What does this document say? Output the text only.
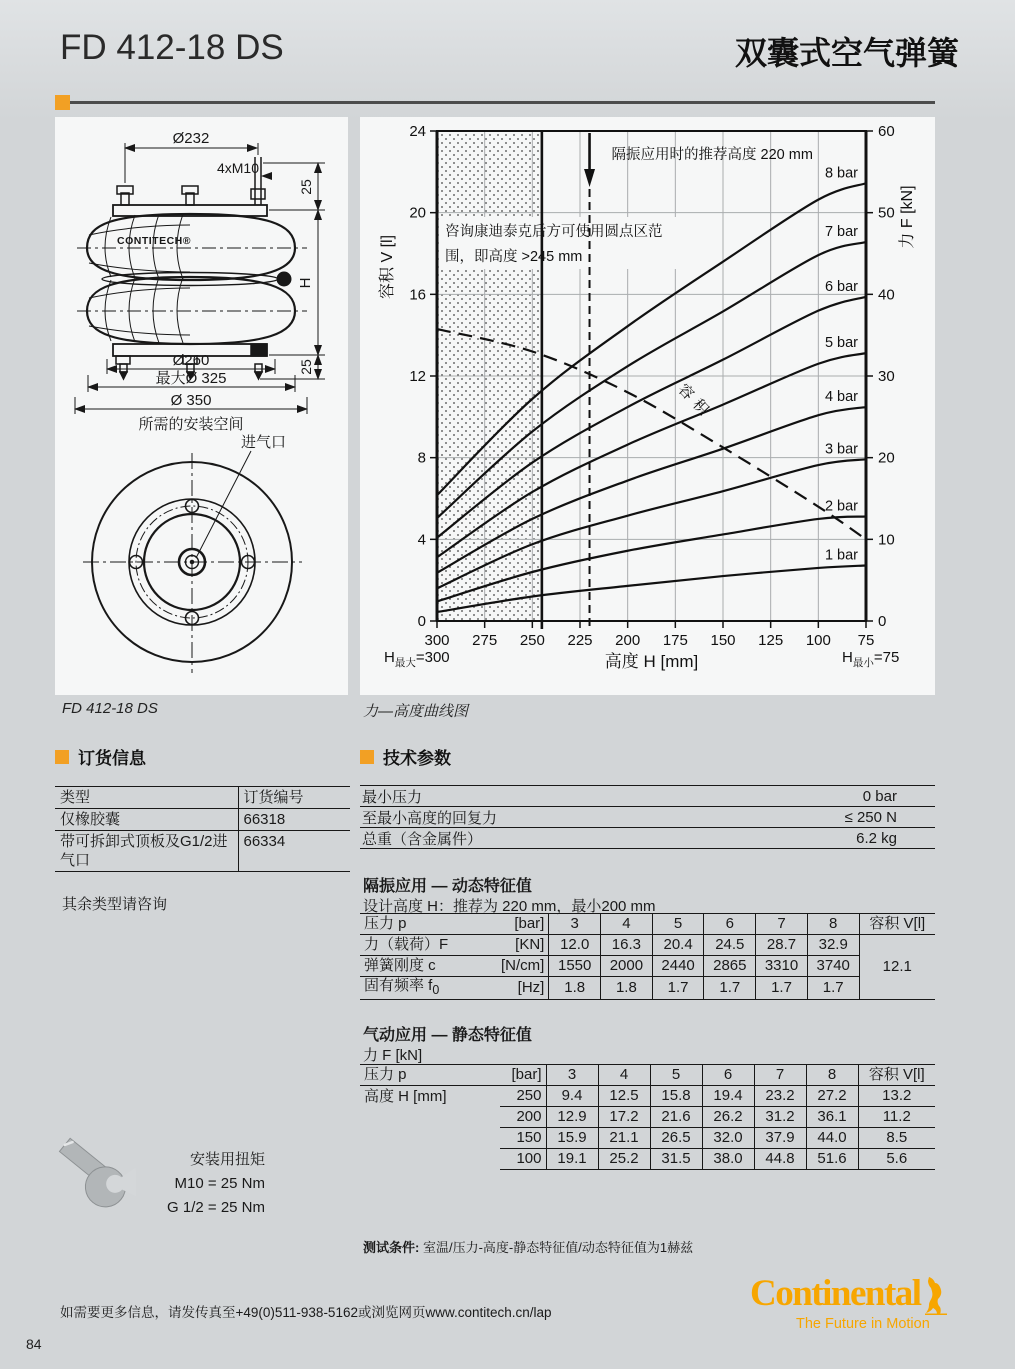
FD 412-18 DS	双囊式空气弹簧
Ø232
4xM10
CONTITECH®
25
H
25
Ø260
最大Ø 325
Ø 350
所需的安装空间
进气口
咨询康迪泰克后方可使用圆点区范
围，即高度 >245 mm
容积
1 bar
2 bar
3 bar
4 bar
5 bar
6 bar
7 bar
8 bar
隔振应用时的推荐高度 220 mm
24
20
16
12
8
4
0
60
50
40
30
20
10
0
300 275 250 225 200 175 150 125 100 75
容积 V [l]
力 F [kN]
高度 H [mm]
$H_{最大}=300$	$H_{最小}=75$
FD 412-18 DS	力—高度曲线图
订货信息
类型	订货编号
仅橡胶囊	66318
带可拆卸式顶板及G1/2进气口	66334
其余类型请咨询
技术参数
最小压力	0 bar
至最小高度的回复力	≤ 250 N
总重（含金属件）	6.2 kg
隔振应用 — 动态特征值
设计高度 H：推荐为 220 mm，最小200 mm
压力 p	[bar]	3	4	5	6	7	8	容积 V[l]
力（载荷）F	[KN]	12.0	16.3	20.4	24.5	28.7	32.9	12.1
弹簧刚度 c	[N/cm]	1550	2000	2440	2865	3310	3740	
固有频率 $f_0$	[Hz]	1.8	1.8	1.7	1.7	1.7	1.7	
气动应用 — 静态特征值
力 F [kN]
压力 p	[bar]	3	4	5	6	7	8	容积 V[l]
高度 H [mm]	250	9.4	12.5	15.8	19.4	23.2	27.2	13.2
	200	12.9	17.2	21.6	26.2	31.2	36.1	11.2
	150	15.9	21.1	26.5	32.0	37.9	44.0	8.5
	100	19.1	25.2	31.5	38.0	44.8	51.6	5.6
安装用扭矩
M10 = 25 Nm
G 1/2 = 25 Nm
测试条件: 室温/压力-高度-静态特征值/动态特征值为1赫兹
如需要更多信息，请发传真至+49(0)511-938-5162或浏览网页www.contitech.cn/lap	Continental
The Future in Motion
84
